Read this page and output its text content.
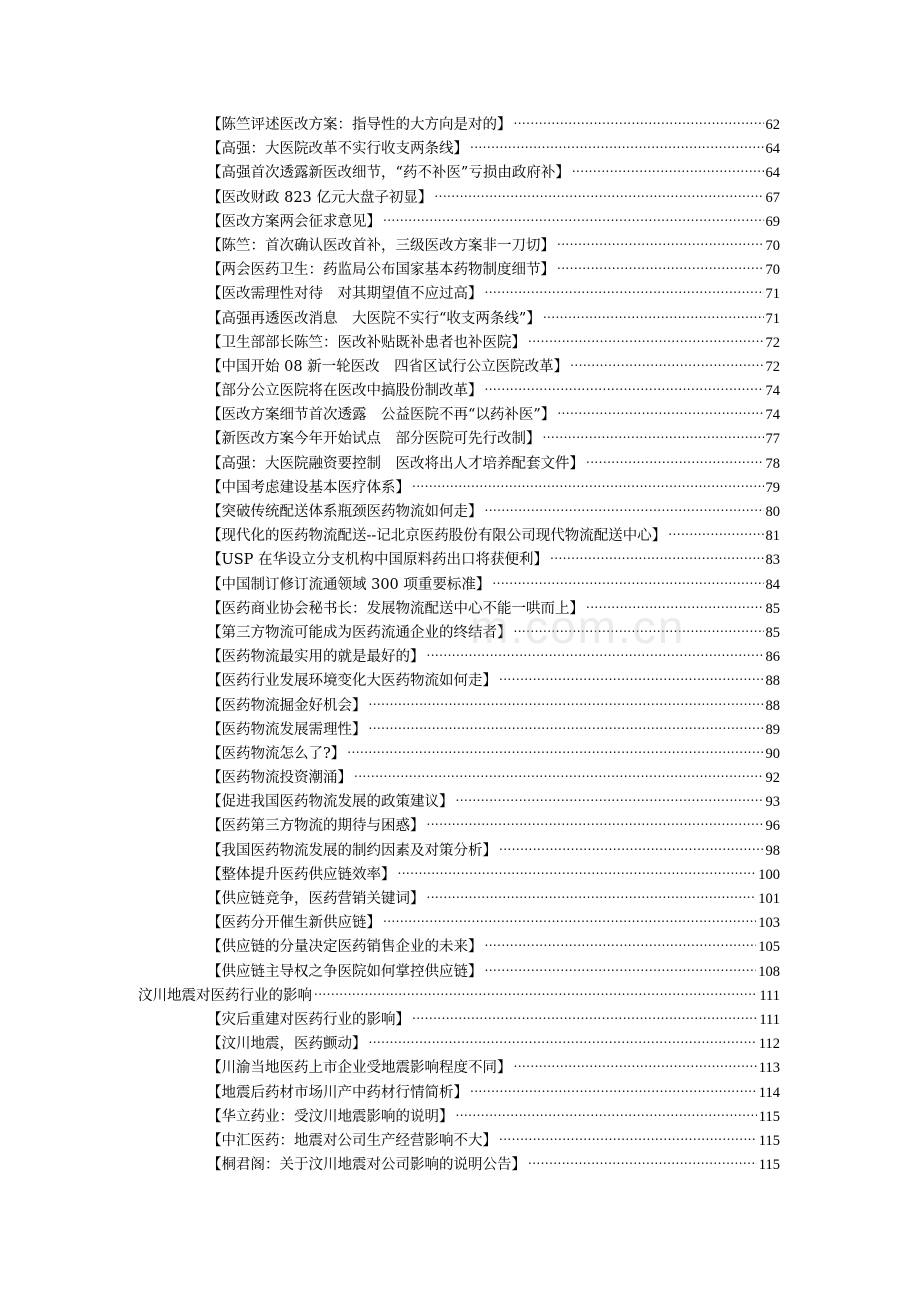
【陈竺评述医改方案：指导性的大方向是对的】 .....	62
【高强：大医院改革不实行收支两条线】 .....	64
【高强首次透露新医改细节，“药不补医”亏损由政府补】 .....	64
【医改财政 823 亿元大盘子初显】 .....	67
【医改方案两会征求意见】 .....	69
【陈竺：首次确认医改首补，三级医改方案非一刀切】 .....	70
【两会医药卫生：药监局公布国家基本药物制度细节】 .....	70
【医改需理性对待　对其期望值不应过高】 .....	71
【高强再透医改消息　大医院不实行“收支两条线”】 .....	71
【卫生部部长陈竺：医改补贴既补患者也补医院】 .....	72
【中国开始 08 新一轮医改　四省区试行公立医院改革】 .....	72
【部分公立医院将在医改中搞股份制改革】 .....	74
【医改方案细节首次透露　公益医院不再“以药补医”】 .....	74
【新医改方案今年开始试点　部分医院可先行改制】 .....	77
【高强：大医院融资要控制　医改将出人才培养配套文件】 .....	78
【中国考虑建设基本医疗体系】 .....	79
【突破传统配送体系瓶颈医药物流如何走】 .....	80
【现代化的医药物流配送--记北京医药股份有限公司现代物流配送中心】 .....	81
【USP 在华设立分支机构中国原料药出口将获便利】 .....	83
【中国制订修订流通领域 300 项重要标准】 .....	84
【医药商业协会秘书长：发展物流配送中心不能一哄而上】 .....	85
【第三方物流可能成为医药流通企业的终结者】 .....	85
【医药物流最实用的就是最好的】 .....	86
【医药行业发展环境变化大医药物流如何走】 .....	88
【医药物流掘金好机会】 .....	88
【医药物流发展需理性】 .....	89
【医药物流怎么了?】 .....	90
【医药物流投资潮涌】 .....	92
【促进我国医药物流发展的政策建议】 .....	93
【医药第三方物流的期待与困惑】 .....	96
【我国医药物流发展的制约因素及对策分析】 .....	98
【整体提升医药供应链效率】 .....	100
【供应链竞争，医药营销关键词】 .....	101
【医药分开催生新供应链】 .....	103
【供应链的分量决定医药销售企业的未来】 .....	105
【供应链主导权之争医院如何掌控供应链】 .....	108
汶川地震对医药行业的影响 .....	111
【灾后重建对医药行业的影响】 .....	111
【汶川地震，医药颤动】 .....	112
【川渝当地医药上市企业受地震影响程度不同】 .....	113
【地震后药材市场川产中药材行情简析】 .....	114
【华立药业：受汶川地震影响的说明】 .....	115
【中汇医药：地震对公司生产经营影响不大】 .....	115
【桐君阁：关于汶川地震对公司影响的说明公告】 .....	115
m.com.cn
